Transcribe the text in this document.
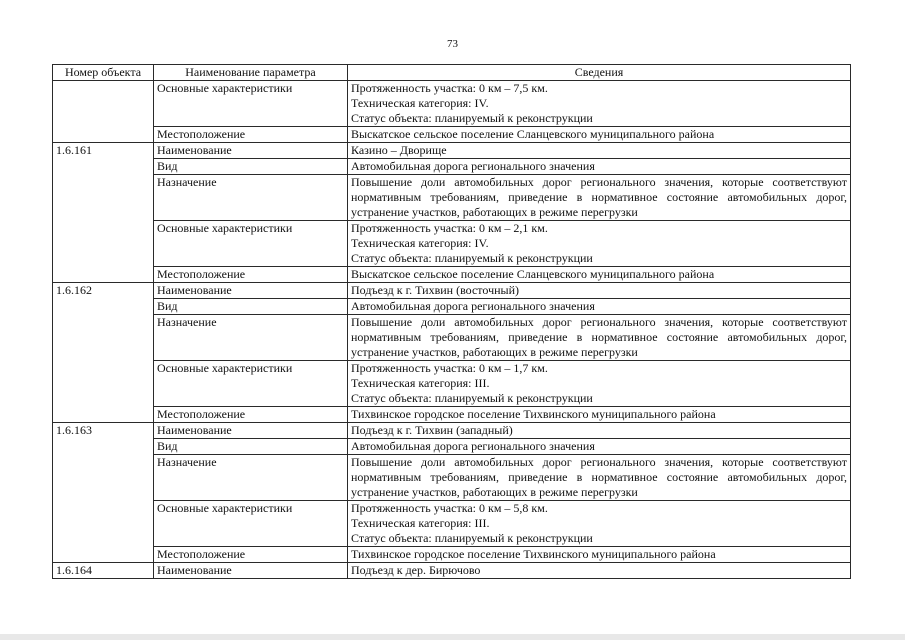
73
Номер объекта	Наименование параметра	Сведения
	Основные характеристики	Протяженность участка: 0 км – 7,5 км.
Техническая категория: IV.
Статус объекта: планируемый к реконструкции

	Местоположение	Выскатское сельское поселение Сланцевского муниципального района

1.6.161	Наименование	Казино – Дворище

	Вид	Автомобильная дорога регионального значения

	Назначение	Повышение доли автомобильных дорог регионального значения, которые соответствуют нормативным требованиям, приведение в нормативное состояние автомобильных дорог, устранение участков, работающих в режиме перегрузки

	Основные характеристики	Протяженность участка: 0 км – 2,1 км.
Техническая категория: IV.
Статус объекта: планируемый к реконструкции

	Местоположение	Выскатское сельское поселение Сланцевского муниципального района

1.6.162	Наименование	Подъезд к г. Тихвин (восточный)

	Вид	Автомобильная дорога регионального значения

	Назначение	Повышение доли автомобильных дорог регионального значения, которые соответствуют нормативным требованиям, приведение в нормативное состояние автомобильных дорог, устранение участков, работающих в режиме перегрузки

	Основные характеристики	Протяженность участка: 0 км – 1,7 км.
Техническая категория: III.
Статус объекта: планируемый к реконструкции

	Местоположение	Тихвинское городское поселение Тихвинского муниципального района

1.6.163	Наименование	Подъезд к г. Тихвин (западный)

	Вид	Автомобильная дорога регионального значения

	Назначение	Повышение доли автомобильных дорог регионального значения, которые соответствуют нормативным требованиям, приведение в нормативное состояние автомобильных дорог, устранение участков, работающих в режиме перегрузки

	Основные характеристики	Протяженность участка: 0 км – 5,8 км.
Техническая категория: III.
Статус объекта: планируемый к реконструкции

	Местоположение	Тихвинское городское поселение Тихвинского муниципального района

1.6.164	Наименование	Подъезд к дер. Бирючово
